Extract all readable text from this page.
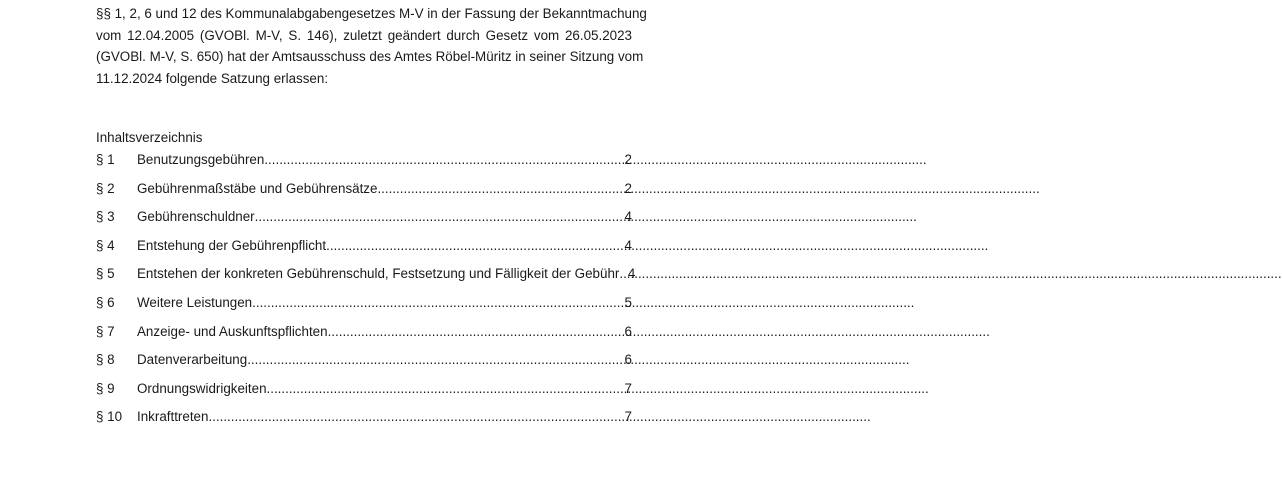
§§ 1, 2, 6 und 12 des Kommunalabgabengesetzes M-V in der Fassung der Bekanntmachung
vom 12.04.2005 (GVOBl. M-V, S. 146), zuletzt geändert durch Gesetz vom 26.05.2023
(GVOBl. M-V, S. 650) hat der Amtsausschuss des Amtes Röbel-Müritz in seiner Sitzung vom
11.12.2024 folgende Satzung erlassen:
Inhaltsverzeichnis
§ 1	Benutzungsgebühren .....	2
§ 2	Gebührenmaßstäbe und Gebührensätze .....	2
§ 3	Gebührenschuldner .....	4
§ 4	Entstehung der Gebührenpflicht .....	4
§ 5	Entstehen der konkreten Gebührenschuld, Festsetzung und Fälligkeit der Gebühr ..... 4
§ 6	Weitere Leistungen .....	5
§ 7	Anzeige- und Auskunftspflichten .....	6
§ 8	Datenverarbeitung .....	6
§ 9	Ordnungswidrigkeiten .....	7
§ 10	Inkrafttreten .....	7
